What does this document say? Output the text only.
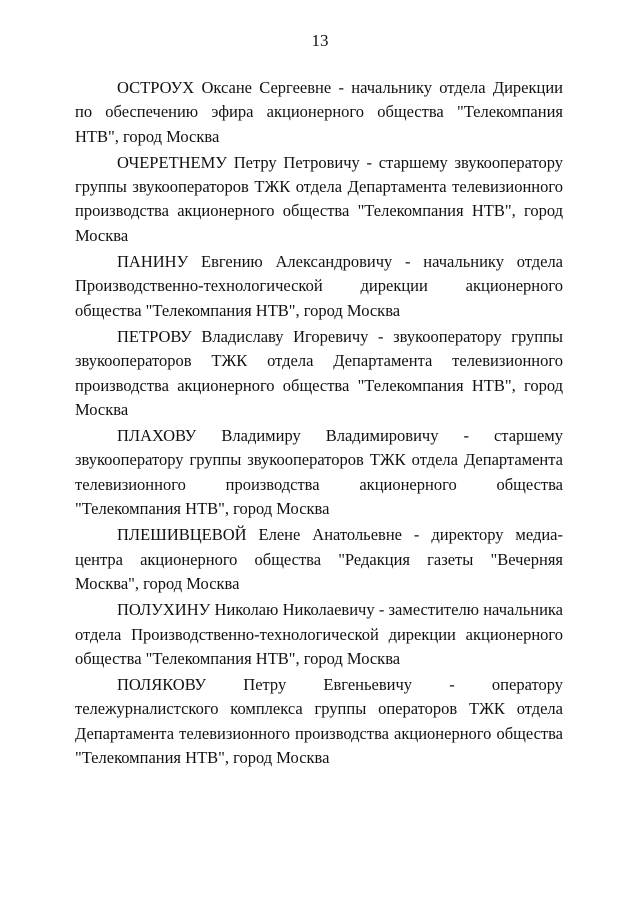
13

ОСТРОУХ Оксане Сергеевне - начальнику отдела Дирекции по обеспечению эфира акционерного общества "Телекомпания НТВ", город Москва

ОЧЕРЕТНЕМУ Петру Петровичу - старшему звукооператору группы звукооператоров ТЖК отдела Департамента телевизионного производства акционерного общества "Телекомпания НТВ", город Москва

ПАНИНУ Евгению Александровичу - начальнику отдела Производственно-технологической дирекции акционерного общества "Телекомпания НТВ", город Москва

ПЕТРОВУ Владиславу Игоревичу - звукооператору группы звукооператоров ТЖК отдела Департамента телевизионного производства акционерного общества "Телекомпания НТВ", город Москва

ПЛАХОВУ Владимиру Владимировичу - старшему звукооператору группы звукооператоров ТЖК отдела Департамента телевизионного производства акционерного общества "Телекомпания НТВ", город Москва

ПЛЕШИВЦЕВОЙ Елене Анатольевне - директору медиа-центра акционерного общества "Редакция газеты "Вечерняя Москва", город Москва

ПОЛУХИНУ Николаю Николаевичу - заместителю начальника отдела Производственно-технологической дирекции акционерного общества "Телекомпания НТВ", город Москва

ПОЛЯКОВУ Петру Евгеньевичу - оператору тележурналистского комплекса группы операторов ТЖК отдела Департамента телевизионного производства акционерного общества "Телекомпания НТВ", город Москва
